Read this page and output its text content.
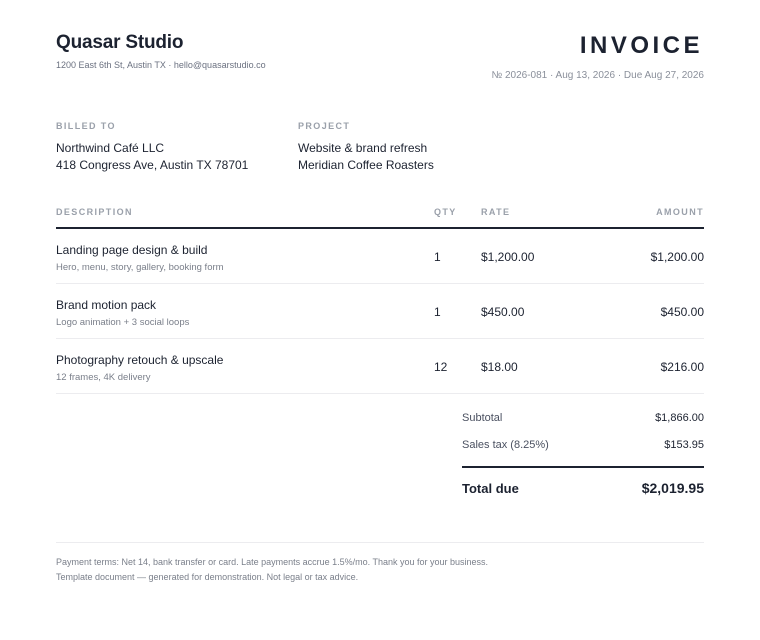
Quasar Studio
1200 East 6th St, Austin TX · hello@quasarstudio.co
INVOICE
№ 2026-081 · Aug 13, 2026 · Due Aug 27, 2026
BILLED TO
Northwind Café LLC
418 Congress Ave, Austin TX 78701
PROJECT
Website & brand refresh
Meridian Coffee Roasters
DESCRIPTION	QTY	RATE	AMOUNT
Landing page design & build
Hero, menu, story, gallery, booking form
1	$1,200.00	$1,200.00
Brand motion pack
Logo animation + 3 social loops
1	$450.00	$450.00
Photography retouch & upscale
12 frames, 4K delivery
12	$18.00	$216.00
Subtotal	$1,866.00
Sales tax (8.25%)	$153.95
Total due	$2,019.95
Payment terms: Net 14, bank transfer or card. Late payments accrue 1.5%/mo. Thank you for your business.
Template document — generated for demonstration. Not legal or tax advice.
